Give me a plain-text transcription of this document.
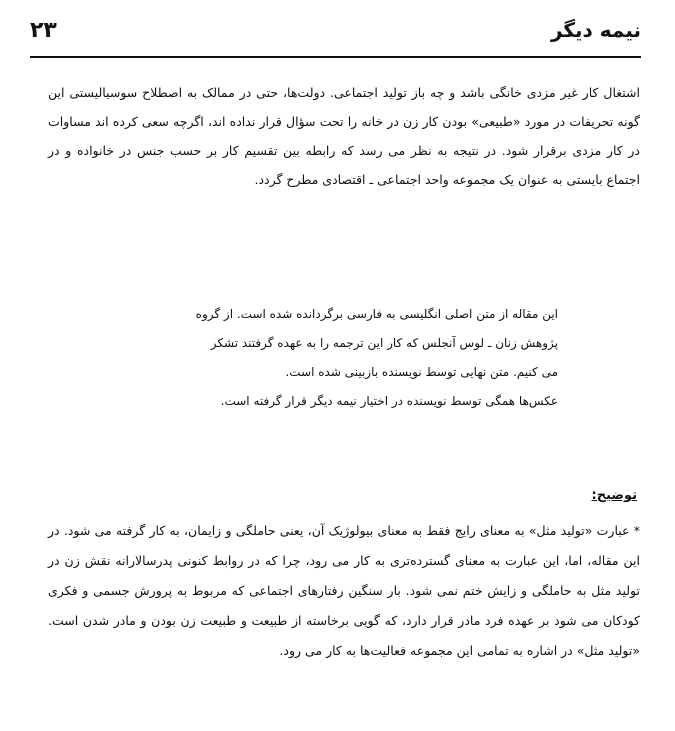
۲۳	نیمه دیگر

اشتغال کار غیر مزدی خانگی باشد و چه باز تولید اجتماعی. دولت‌ها، حتی در ممالک به اصطلاح سوسیالیستی این گونه تحریفات در مورد «طبیعی» بودن کار زن در خانه را تحت سؤال قرار نداده اند، اگرچه سعی کرده اند مساوات در کار مزدی برقرار شود. در نتیجه به نظر می رسد که رابطه بین تقسیم کار بر حسب جنس در خانواده و در اجتماع بایستی به عنوان یک مجموعه واحد اجتماعی ـ اقتصادی مطرح گردد.

این مقاله از متن اصلی انگلیسی به فارسی برگردانده شده است. از گروه
پژوهش زنان ـ لوس آنجلس که کار این ترجمه را به عهده گرفتند تشکر
می کنیم. متن نهایی توسط نویسنده بازبینی شده است.
عکس‌ها همگی توسط نویسنده در اختیار نیمه دیگر قرار گرفته است.
توضیح:

* عبارت «تولید مثل» به معنای رایج فقط به معنای بیولوژیک آن، یعنی حاملگی و زایمان، به کار گرفته می شود. در این مقاله، اما، این عبارت به معنای گسترده‌تری به کار می رود، چرا که در روابط کنونی پدرسالارانه نقش زن در تولید مثل به حاملگی و زایش ختم نمی شود. بار سنگین رفتارهای اجتماعی که مربوط به پرورش جسمی و فکری کودکان می شود بر عهده فرد مادر قرار دارد، که گویی برخاسته از طبیعت و طبیعت زن بودن و مادر شدن است. «تولید مثل» در اشاره به تمامی این مجموعه فعالیت‌ها به کار می رود.
